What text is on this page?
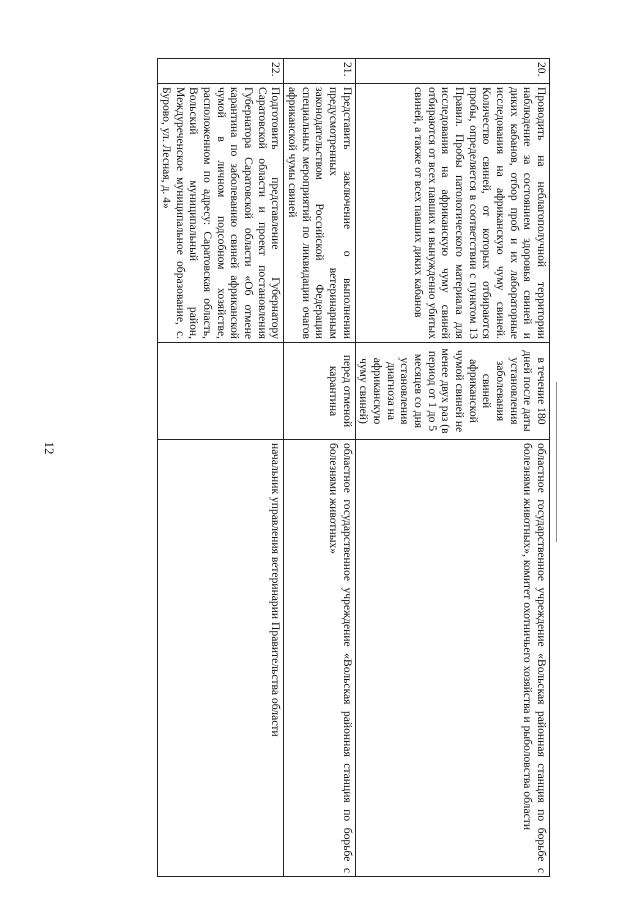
12
20.	Проводить на неблагополучной территории наблюдение за состоянием здоровья свиней и диких кабанов, отбор проб и их лабораторные исследования на африканскую чуму свиней. Количество свиней, от которых отбираются пробы, определяется в соответствии с пунктом 13 Правил. Пробы патологического материала для исследования на африканскую чуму свиней отбираются от всех павших и вынужденно убитых свиней, а также от всех павших диких кабанов	в течение 180 дней после даты установления заболевания свиней африканской чумой свиней не менее двух раз (в период от 1 до 5 месяцев со дня установления диагноза на африканскую чуму свиней)	областное государственное учреждение «Вольская районная станция по борьбе с болезнями животных», комитет охотничьего хозяйства и рыболовства области
21.	Представить заключение о выполнении предусмотренных ветеринарным законодательством Российской Федерации специальных мероприятий по ликвидации очагов африканской чумы свиней	перед отменой карантина	областное государственное учреждение «Вольская районная станция по борьбе с болезнями животных»
22.	Подготовить представление Губернатору Саратовской области и проект постановления Губернатора Саратовской области «Об отмене карантина по заболеванию свиней африканской чумой в личном подсобном хозяйстве, расположенном по адресу: Саратовская область, Вольский муниципальный район, Междуреченское муниципальное образование, с. Бурово, ул. Лесная, д. 4»		начальник управления ветеринарии Правительства области
